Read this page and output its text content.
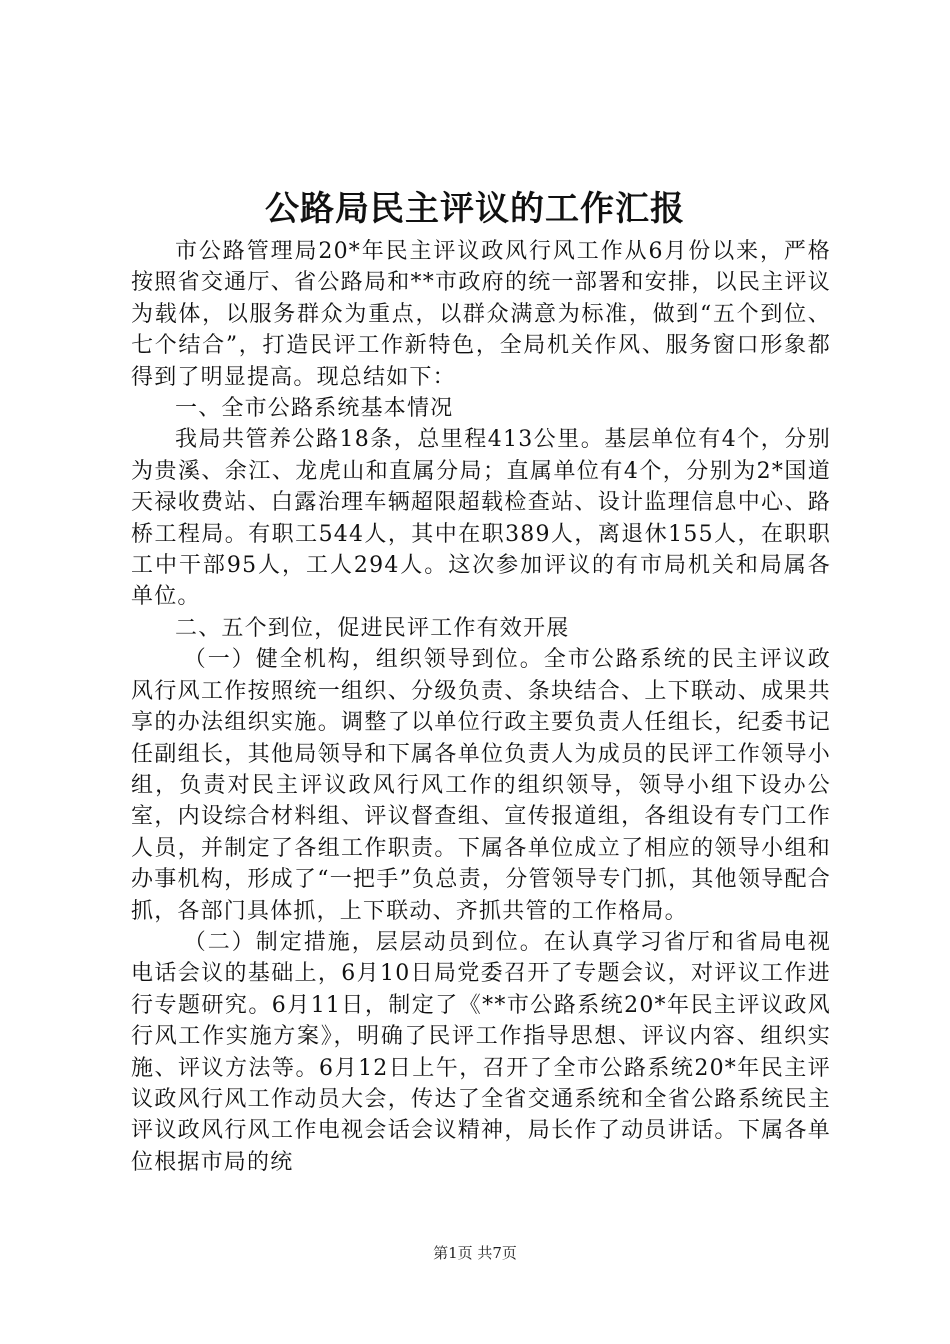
公路局民主评议的工作汇报

市公路管理局20*年民主评议政风行风工作从6月份以来，严格按照省交通厅、省公路局和**市政府的统一部署和安排，以民主评议为载体，以服务群众为重点，以群众满意为标准，做到“五个到位、七个结合”，打造民评工作新特色，全局机关作风、服务窗口形象都得到了明显提高。现总结如下：

一、全市公路系统基本情况

我局共管养公路18条，总里程413公里。基层单位有4个，分别为贵溪、余江、龙虎山和直属分局；直属单位有4个，分别为2*国道天禄收费站、白露治理车辆超限超载检查站、设计监理信息中心、路桥工程局。有职工544人，其中在职389人，离退休155人，在职职工中干部95人，工人294人。这次参加评议的有市局机关和局属各单位。

二、五个到位，促进民评工作有效开展

（一）健全机构，组织领导到位。全市公路系统的民主评议政风行风工作按照统一组织、分级负责、条块结合、上下联动、成果共享的办法组织实施。调整了以单位行政主要负责人任组长，纪委书记任副组长，其他局领导和下属各单位负责人为成员的民评工作领导小组，负责对民主评议政风行风工作的组织领导，领导小组下设办公室，内设综合材料组、评议督查组、宣传报道组，各组设有专门工作人员，并制定了各组工作职责。下属各单位成立了相应的领导小组和办事机构，形成了“一把手”负总责，分管领导专门抓，其他领导配合抓，各部门具体抓，上下联动、齐抓共管的工作格局。

（二）制定措施，层层动员到位。在认真学习省厅和省局电视电话会议的基础上，6月10日局党委召开了专题会议，对评议工作进行专题研究。6月11日，制定了《**市公路系统20*年民主评议政风行风工作实施方案》，明确了民评工作指导思想、评议内容、组织实施、评议方法等。6月12日上午，召开了全市公路系统20*年民主评议政风行风工作动员大会，传达了全省交通系统和全省公路系统民主评议政风行风工作电视会话会议精神，局长作了动员讲话。下属各单位根据市局的统

第1页 共7页
